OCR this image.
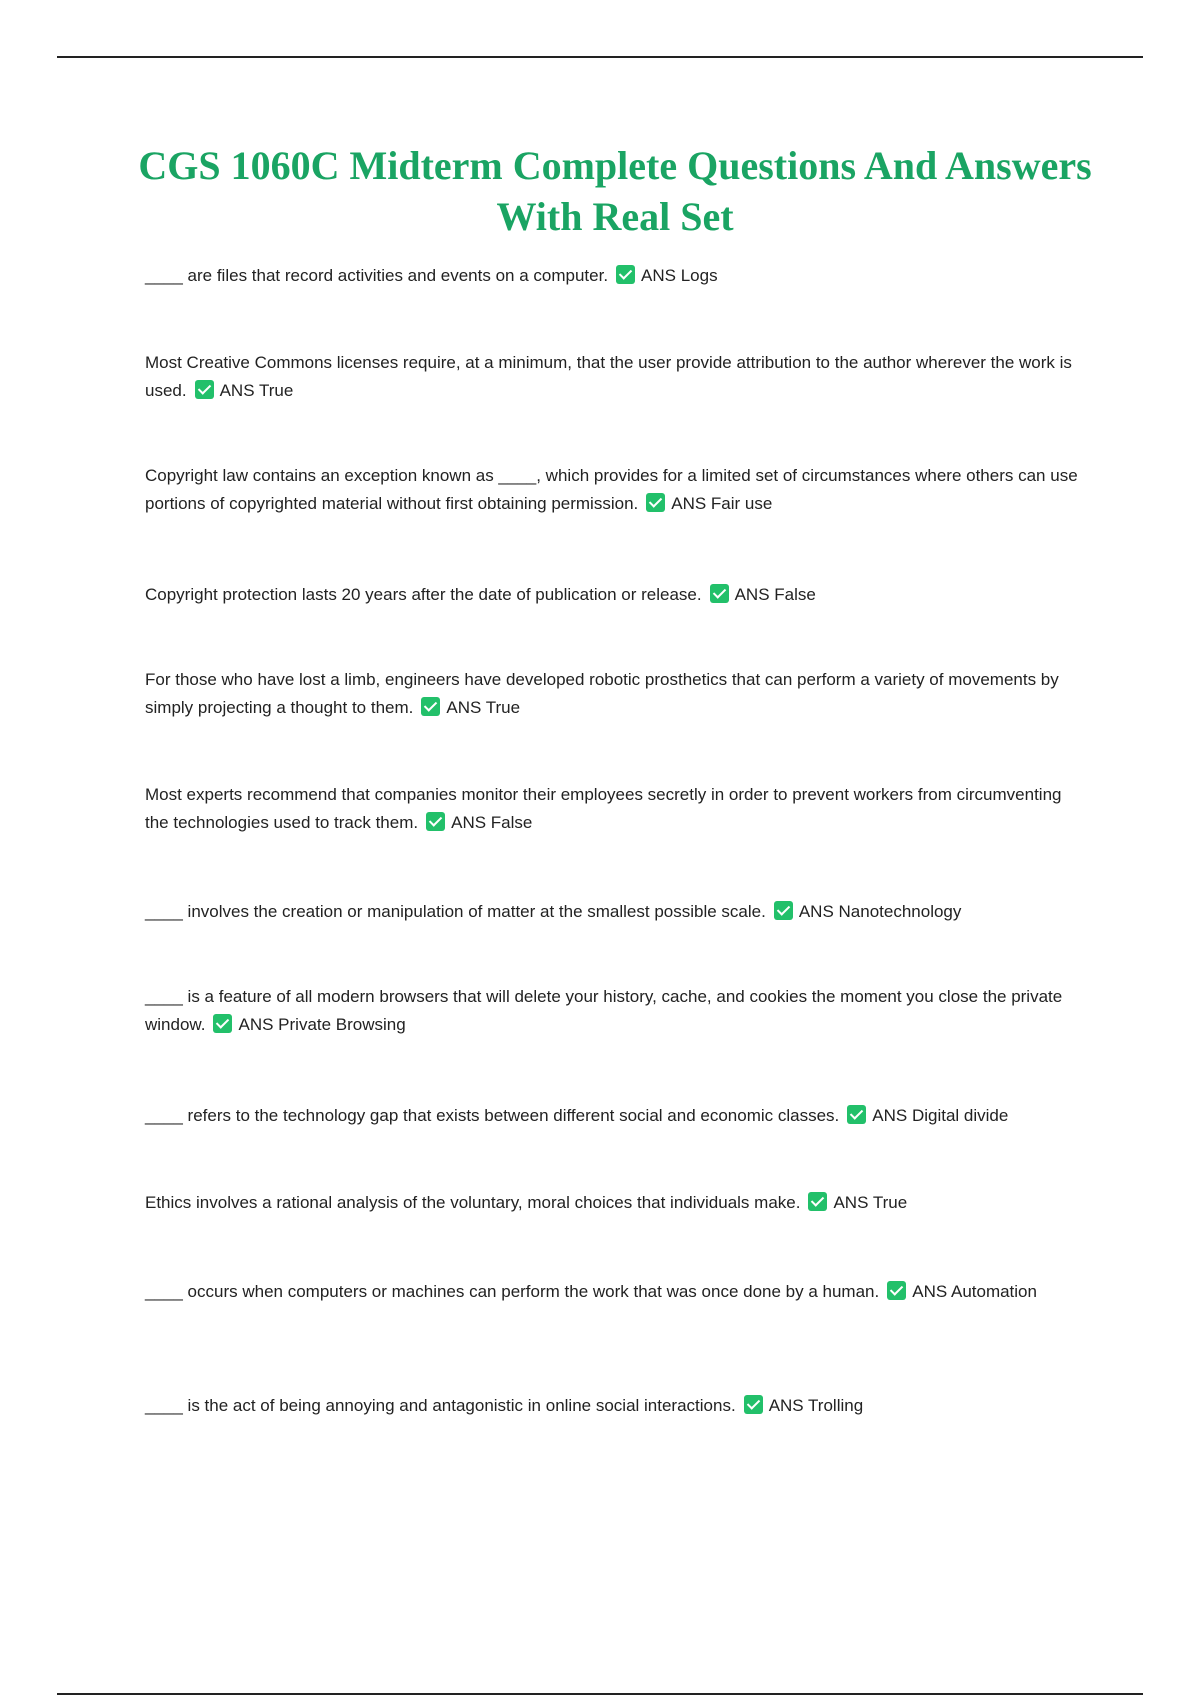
CGS 1060C Midterm Complete Questions And Answers With Real Set
____ are files that record activities and events on a computer. ANS Logs
Most Creative Commons licenses require, at a minimum, that the user provide attribution to the author wherever the work is used. ANS True
Copyright law contains an exception known as ____, which provides for a limited set of circumstances where others can use portions of copyrighted material without first obtaining permission. ANS Fair use
Copyright protection lasts 20 years after the date of publication or release. ANS False
For those who have lost a limb, engineers have developed robotic prosthetics that can perform a variety of movements by simply projecting a thought to them. ANS True
Most experts recommend that companies monitor their employees secretly in order to prevent workers from circumventing the technologies used to track them. ANS False
____ involves the creation or manipulation of matter at the smallest possible scale. ANS Nanotechnology
____ is a feature of all modern browsers that will delete your history, cache, and cookies the moment you close the private window. ANS Private Browsing
____ refers to the technology gap that exists between different social and economic classes. ANS Digital divide
Ethics involves a rational analysis of the voluntary, moral choices that individuals make. ANS True
____ occurs when computers or machines can perform the work that was once done by a human. ANS Automation
____ is the act of being annoying and antagonistic in online social interactions. ANS Trolling
